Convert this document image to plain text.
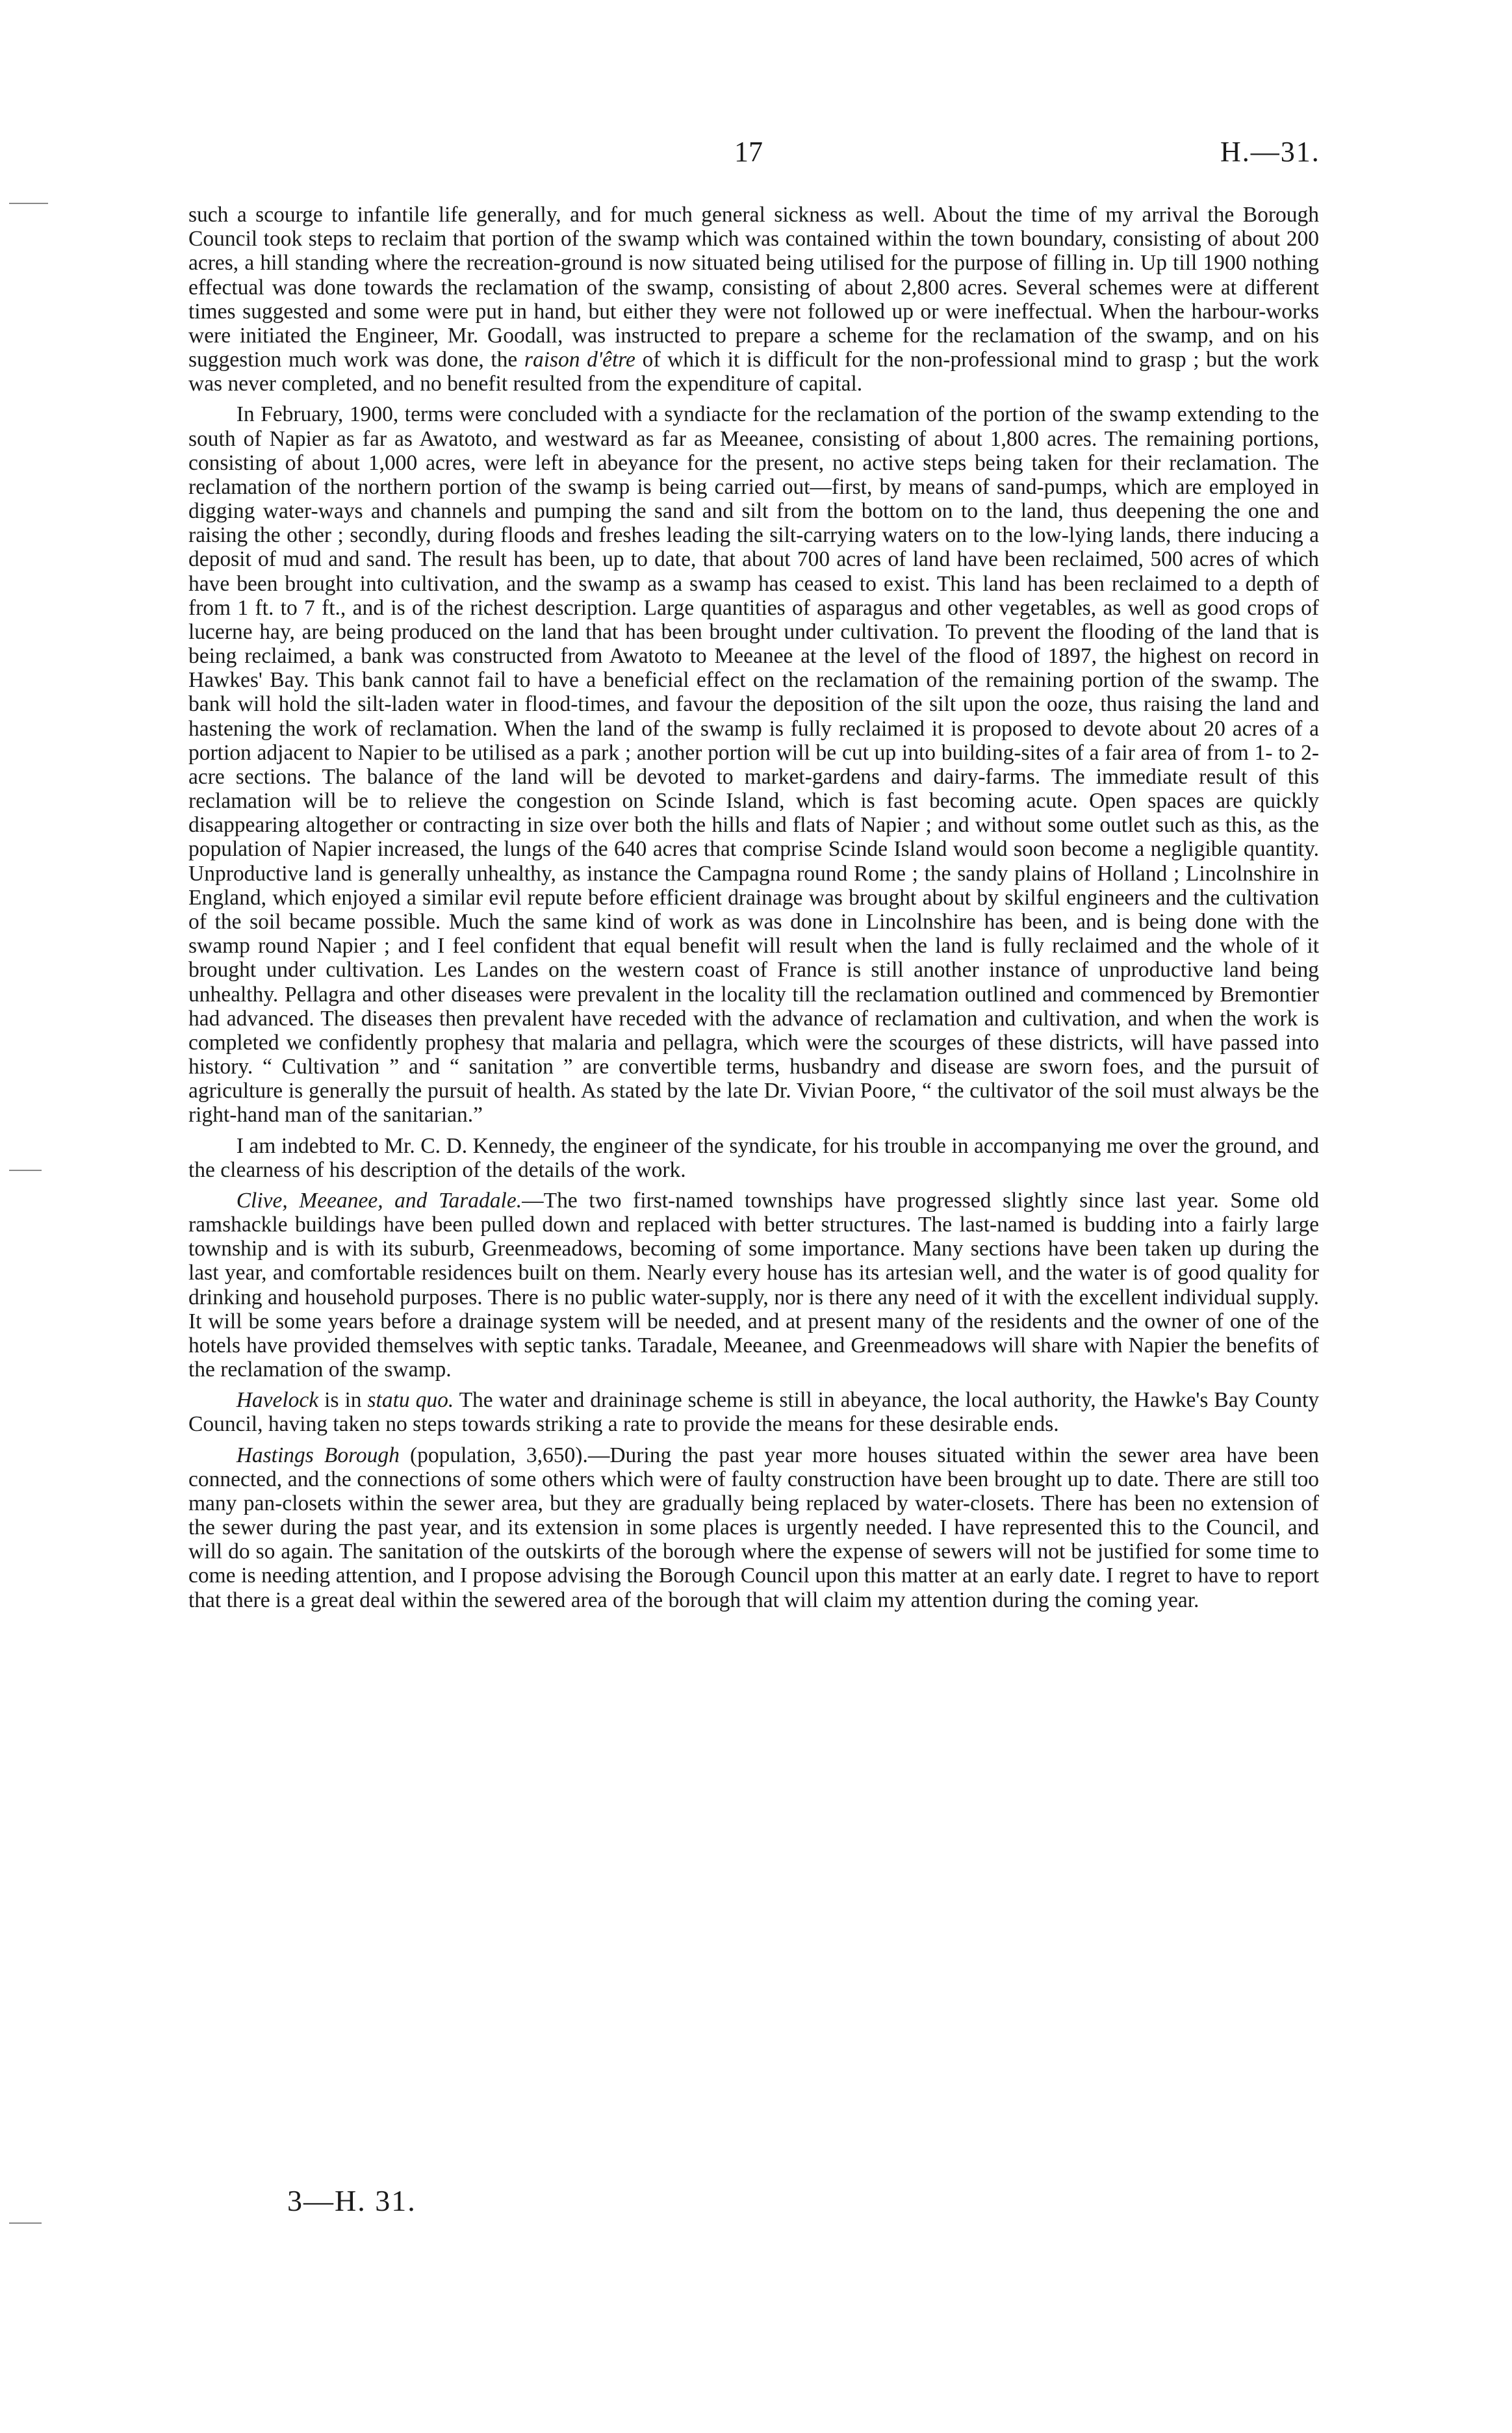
17	H.—31.

such a scourge to infantile life generally, and for much general sickness as well. About the time of my arrival the Borough Council took steps to reclaim that portion of the swamp which was contained within the town boundary, consisting of about 200 acres, a hill standing where the recreation-ground is now situated being utilised for the purpose of filling in. Up till 1900 nothing effectual was done towards the reclamation of the swamp, consisting of about 2,800 acres. Several schemes were at different times suggested and some were put in hand, but either they were not followed up or were ineffectual. When the harbour-works were initiated the Engineer, Mr. Goodall, was instructed to prepare a scheme for the reclamation of the swamp, and on his suggestion much work was done, the raison d'être of which it is difficult for the non-professional mind to grasp ; but the work was never completed, and no benefit resulted from the expenditure of capital.

In February, 1900, terms were concluded with a syndiacte for the reclamation of the portion of the swamp extending to the south of Napier as far as Awatoto, and westward as far as Meeanee, consisting of about 1,800 acres. The remaining portions, consisting of about 1,000 acres, were left in abeyance for the present, no active steps being taken for their reclamation. The reclamation of the northern portion of the swamp is being carried out—first, by means of sand-pumps, which are employed in digging water-ways and channels and pumping the sand and silt from the bottom on to the land, thus deepening the one and raising the other ; secondly, during floods and freshes leading the silt-carrying waters on to the low-lying lands, there inducing a deposit of mud and sand. The result has been, up to date, that about 700 acres of land have been reclaimed, 500 acres of which have been brought into cultivation, and the swamp as a swamp has ceased to exist. This land has been reclaimed to a depth of from 1 ft. to 7 ft., and is of the richest description. Large quantities of asparagus and other vegetables, as well as good crops of lucerne hay, are being produced on the land that has been brought under cultivation. To prevent the flooding of the land that is being reclaimed, a bank was constructed from Awatoto to Meeanee at the level of the flood of 1897, the highest on record in Hawkes' Bay. This bank cannot fail to have a beneficial effect on the reclamation of the remaining portion of the swamp. The bank will hold the silt-laden water in flood-times, and favour the deposition of the silt upon the ooze, thus raising the land and hastening the work of reclamation. When the land of the swamp is fully reclaimed it is proposed to devote about 20 acres of a portion adjacent to Napier to be utilised as a park ; another portion will be cut up into building-sites of a fair area of from 1- to 2-acre sections. The balance of the land will be devoted to market-gardens and dairy-farms. The immediate result of this reclamation will be to relieve the congestion on Scinde Island, which is fast becoming acute. Open spaces are quickly disappearing altogether or contracting in size over both the hills and flats of Napier ; and without some outlet such as this, as the population of Napier increased, the lungs of the 640 acres that comprise Scinde Island would soon become a negligible quantity. Unproductive land is generally unhealthy, as instance the Campagna round Rome ; the sandy plains of Holland ; Lincolnshire in England, which enjoyed a similar evil repute before efficient drainage was brought about by skilful engineers and the cultivation of the soil became possible. Much the same kind of work as was done in Lincolnshire has been, and is being done with the swamp round Napier ; and I feel confident that equal benefit will result when the land is fully reclaimed and the whole of it brought under cultivation. Les Landes on the western coast of France is still another instance of unproductive land being unhealthy. Pellagra and other diseases were prevalent in the locality till the reclamation outlined and commenced by Bremontier had advanced. The diseases then prevalent have receded with the advance of reclamation and cultivation, and when the work is completed we confidently prophesy that malaria and pellagra, which were the scourges of these districts, will have passed into history. “ Cultivation ” and “ sanitation ” are convertible terms, husbandry and disease are sworn foes, and the pursuit of agriculture is generally the pursuit of health. As stated by the late Dr. Vivian Poore, “ the cultivator of the soil must always be the right-hand man of the sanitarian.”

I am indebted to Mr. C. D. Kennedy, the engineer of the syndicate, for his trouble in accompanying me over the ground, and the clearness of his description of the details of the work.

Clive, Meeanee, and Taradale.—The two first-named townships have progressed slightly since last year. Some old ramshackle buildings have been pulled down and replaced with better structures. The last-named is budding into a fairly large township and is with its suburb, Greenmeadows, becoming of some importance. Many sections have been taken up during the last year, and comfortable residences built on them. Nearly every house has its artesian well, and the water is of good quality for drinking and household purposes. There is no public water-supply, nor is there any need of it with the excellent individual supply. It will be some years before a drainage system will be needed, and at present many of the residents and the owner of one of the hotels have provided themselves with septic tanks. Taradale, Meeanee, and Greenmeadows will share with Napier the benefits of the reclamation of the swamp.

Havelock is in statu quo. The water and draininage scheme is still in abeyance, the local authority, the Hawke's Bay County Council, having taken no steps towards striking a rate to provide the means for these desirable ends.

Hastings Borough (population, 3,650).—During the past year more houses situated within the sewer area have been connected, and the connections of some others which were of faulty construction have been brought up to date. There are still too many pan-closets within the sewer area, but they are gradually being replaced by water-closets. There has been no extension of the sewer during the past year, and its extension in some places is urgently needed. I have represented this to the Council, and will do so again. The sanitation of the outskirts of the borough where the expense of sewers will not be justified for some time to come is needing attention, and I propose advising the Borough Council upon this matter at an early date. I regret to have to report that there is a great deal within the sewered area of the borough that will claim my attention during the coming year.

3—H. 31.
